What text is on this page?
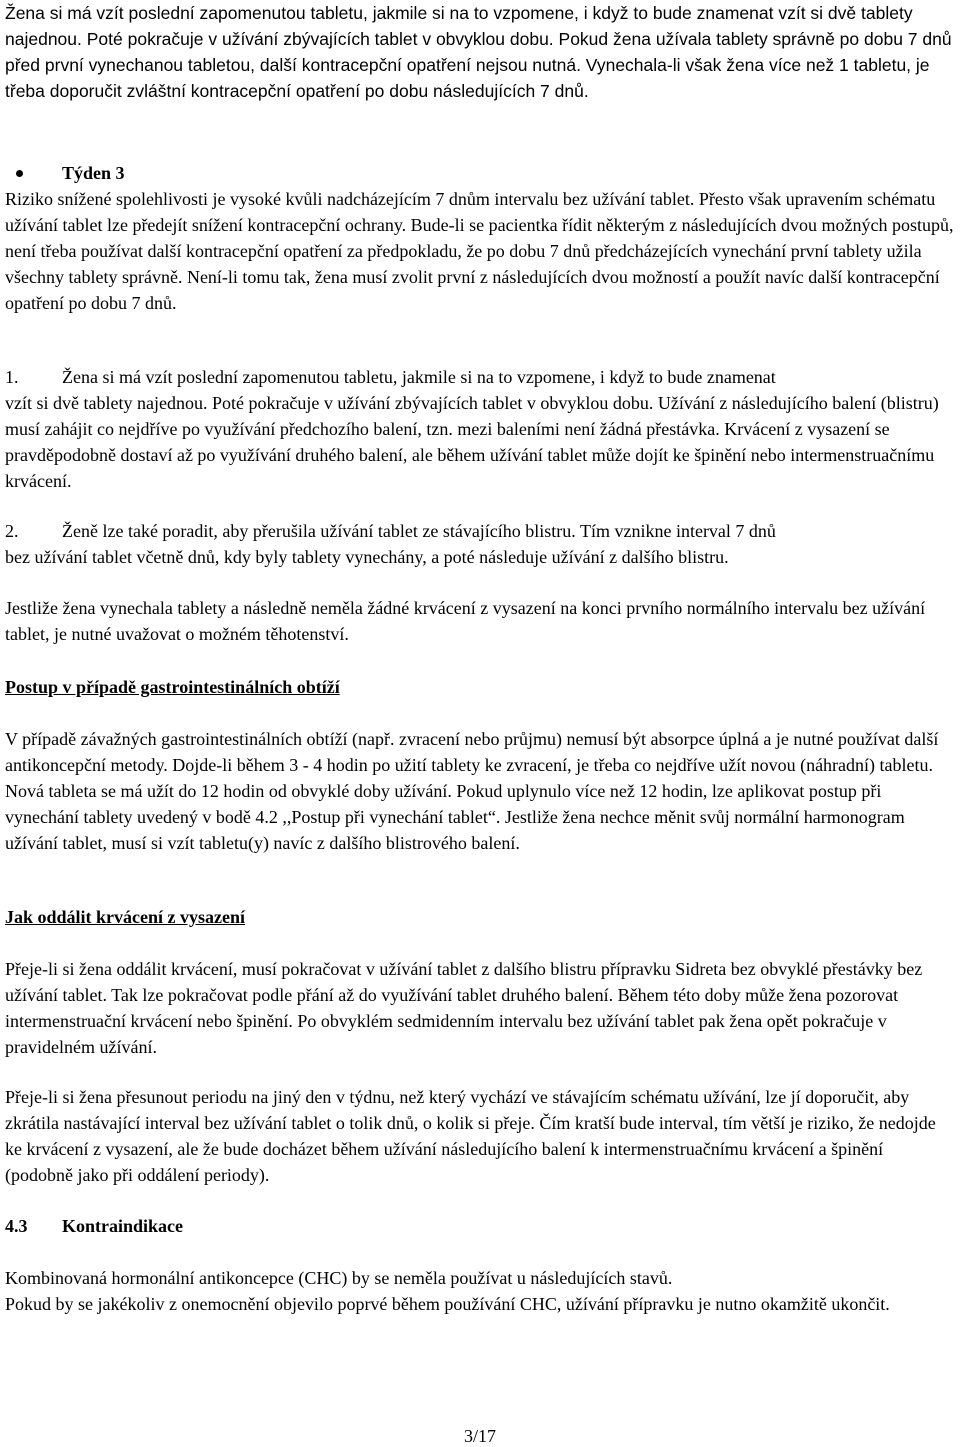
Žena si má vzít poslední zapomenutou tabletu, jakmile si na to vzpomene, i když to bude znamenat vzít si dvě tablety najednou. Poté pokračuje v užívání zbývajících tablet v obvyklou dobu. Pokud žena užívala tablety správně po dobu 7 dnů před první vynechanou tabletou, další kontracepční opatření nejsou nutná. Vynechala-li však žena více než 1 tabletu, je třeba doporučit zvláštní kontracepční opatření po dobu následujících 7 dnů.

Týden 3

Riziko snížené spolehlivosti je vysoké kvůli nadcházejícím 7 dnům intervalu bez užívání tablet. Přesto však upravením schématu užívání tablet lze předejít snížení kontracepční ochrany. Bude-li se pacientka řídit některým z následujících dvou možných postupů, není třeba používat další kontracepční opatření za předpokladu, že po dobu 7 dnů předcházejících vynechání první tablety užila všechny tablety správně. Není-li tomu tak, žena musí zvolit první z následujících dvou možností a použít navíc další kontracepční opatření po dobu 7 dnů.

1. Žena si má vzít poslední zapomenutou tabletu, jakmile si na to vzpomene, i když to bude znamenat

vzít si dvě tablety najednou. Poté pokračuje v užívání zbývajících tablet v obvyklou dobu. Užívání z následujícího balení (blistru) musí zahájit co nejdříve po využívání předchozího balení, tzn. mezi baleními není žádná přestávka. Krvácení z vysazení se pravděpodobně dostaví až po využívání druhého balení, ale během užívání tablet může dojít ke špinění nebo intermenstruačnímu krvácení.

2. Ženě lze také poradit, aby přerušila užívání tablet ze stávajícího blistru. Tím vznikne interval 7 dnů

bez užívání tablet včetně dnů, kdy byly tablety vynechány, a poté následuje užívání z dalšího blistru.

Jestliže žena vynechala tablety a následně neměla žádné krvácení z vysazení na konci prvního normálního intervalu bez užívání tablet, je nutné uvažovat o možném těhotenství.

Postup v případě gastrointestinálních obtíží

V případě závažných gastrointestinálních obtíží (např. zvracení nebo průjmu) nemusí být absorpce úplná a je nutné používat další antikoncepční metody. Dojde-li během 3 - 4 hodin po užití tablety ke zvracení, je třeba co nejdříve užít novou (náhradní) tabletu. Nová tableta se má užít do 12 hodin od obvyklé doby užívání. Pokud uplynulo více než 12 hodin, lze aplikovat postup při vynechání tablety uvedený v bodě 4.2 ,,Postup při vynechání tablet“. Jestliže žena nechce měnit svůj normální harmonogram užívání tablet, musí si vzít tabletu(y) navíc z dalšího blistrového balení.

Jak oddálit krvácení z vysazení

Přeje-li si žena oddálit krvácení, musí pokračovat v užívání tablet z dalšího blistru přípravku Sidreta bez obvyklé přestávky bez užívání tablet. Tak lze pokračovat podle přání až do využívání tablet druhého balení. Během této doby může žena pozorovat intermenstruační krvácení nebo špinění. Po obvyklém sedmidenním intervalu bez užívání tablet pak žena opět pokračuje v pravidelném užívání.

Přeje-li si žena přesunout periodu na jiný den v týdnu, než který vychází ve stávajícím schématu užívání, lze jí doporučit, aby zkrátila nastávající interval bez užívání tablet o tolik dnů, o kolik si přeje. Čím kratší bude interval, tím větší je riziko, že nedojde ke krvácení z vysazení, ale že bude docházet během užívání následujícího balení k intermenstruačnímu krvácení a špinění (podobně jako při oddálení periody).

4.3 Kontraindikace

Kombinovaná hormonální antikoncepce (CHC) by se neměla používat u následujících stavů.

Pokud by se jakékoliv z onemocnění objevilo poprvé během používání CHC, užívání přípravku je nutno okamžitě ukončit.

3/17
